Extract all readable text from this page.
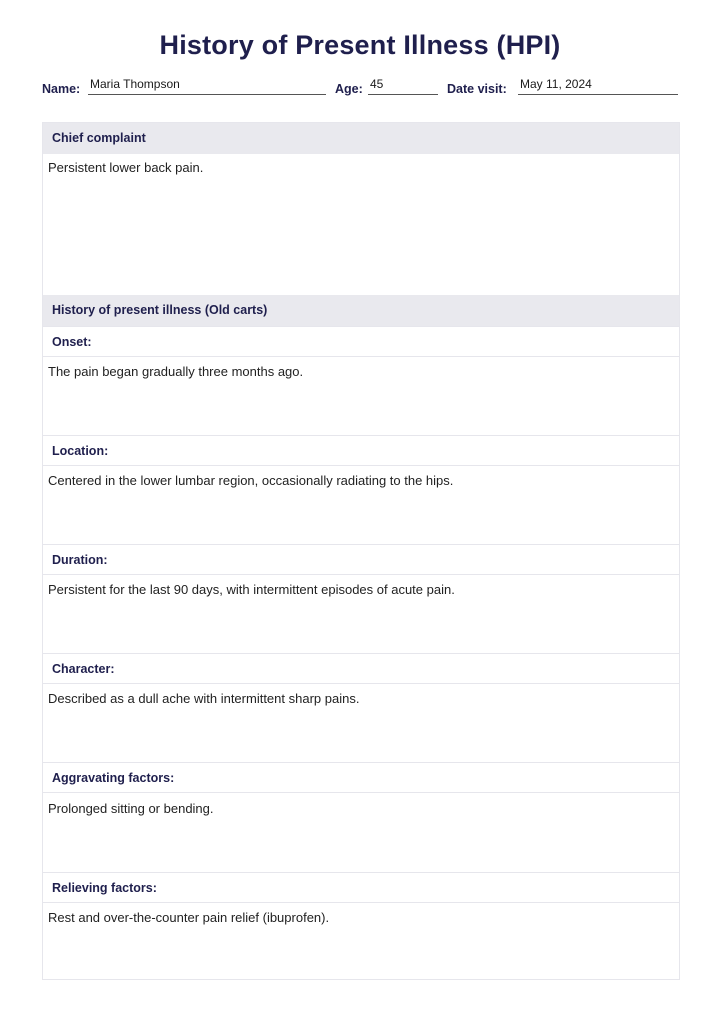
History of Present Illness (HPI)
Name: Maria Thompson	Age: 45	Date visit: May 11, 2024
Chief complaint
Persistent lower back pain.
History of present illness (Old carts)
Onset:
The pain began gradually three months ago.
Location:
Centered in the lower lumbar region, occasionally radiating to the hips.
Duration:
Persistent for the last 90 days, with intermittent episodes of acute pain.
Character:
Described as a dull ache with intermittent sharp pains.
Aggravating factors:
Prolonged sitting or bending.
Relieving factors:
Rest and over-the-counter pain relief (ibuprofen).
